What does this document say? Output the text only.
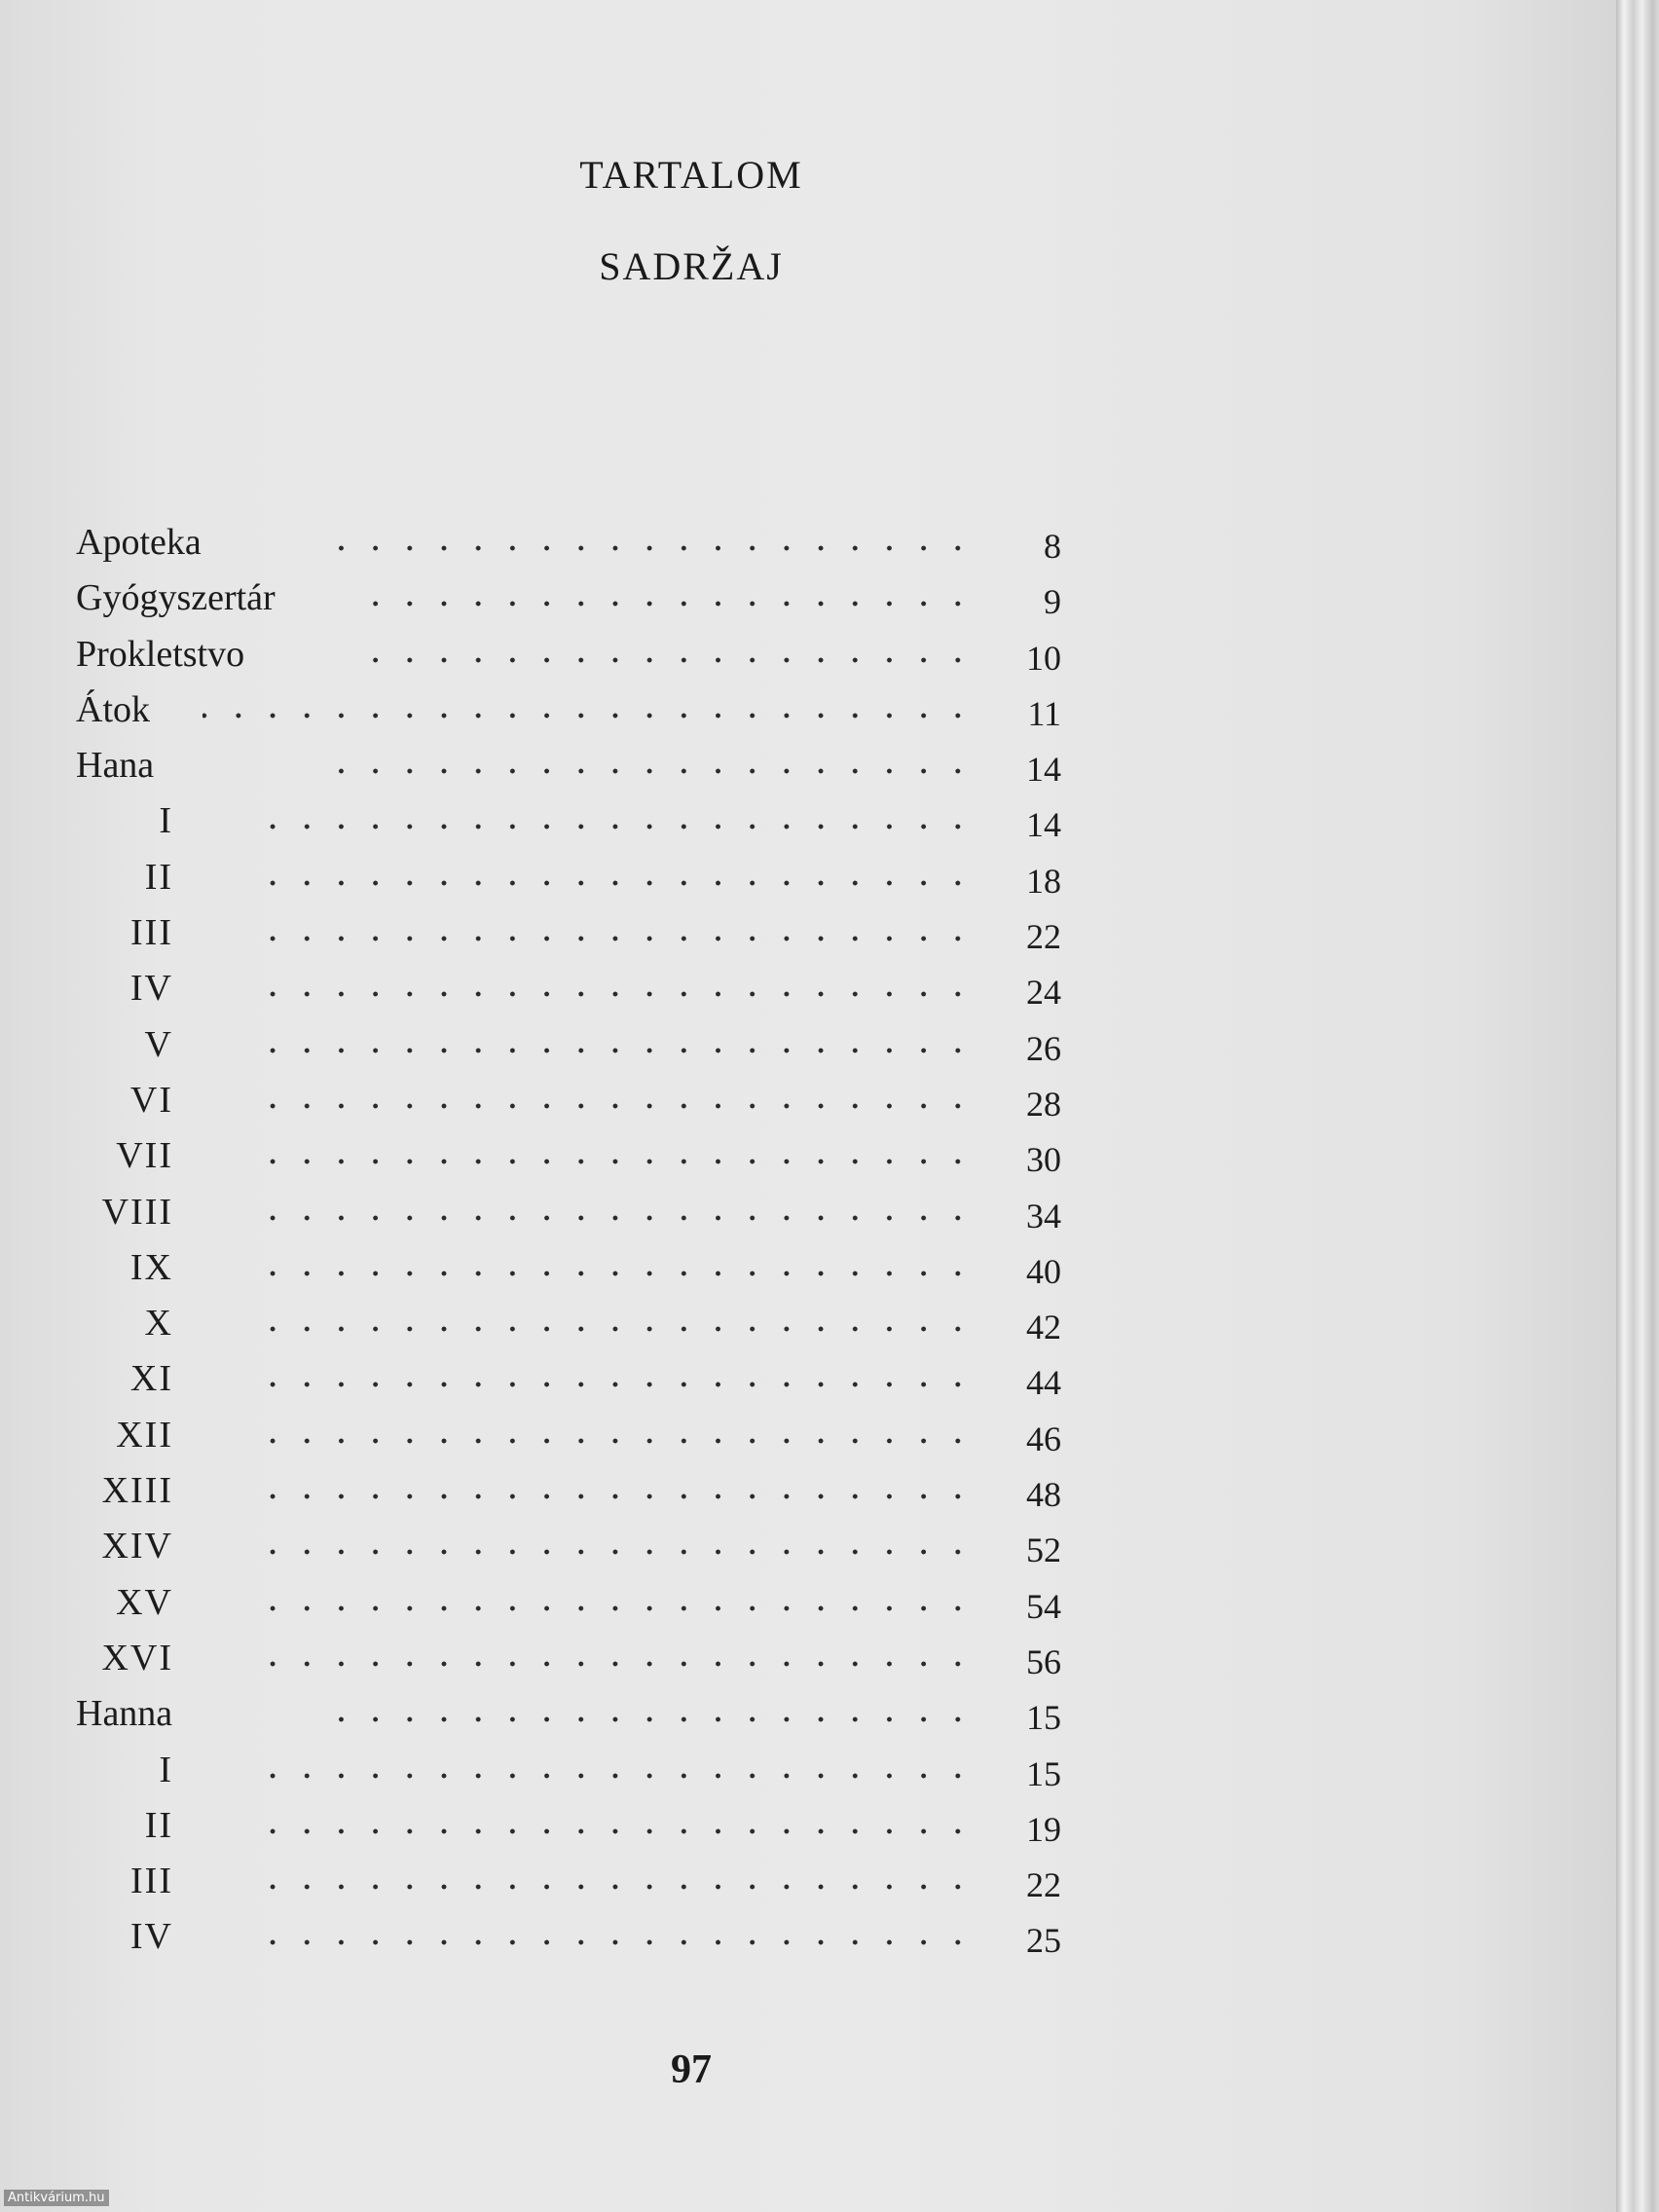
TARTALOM
SADRŽAJ
Apoteka	8
Gyógyszertár	9
Prokletstvo	10
Átok	11
Hana	14
I	14
II	18
III	22
IV	24
V	26
VI	28
VII	30
VIII	34
IX	40
X	42
XI	44
XII	46
XIII	48
XIV	52
XV	54
XVI	56
Hanna	15
I	15
II	19
III	22
IV	25
97
Antikvárium.hu
